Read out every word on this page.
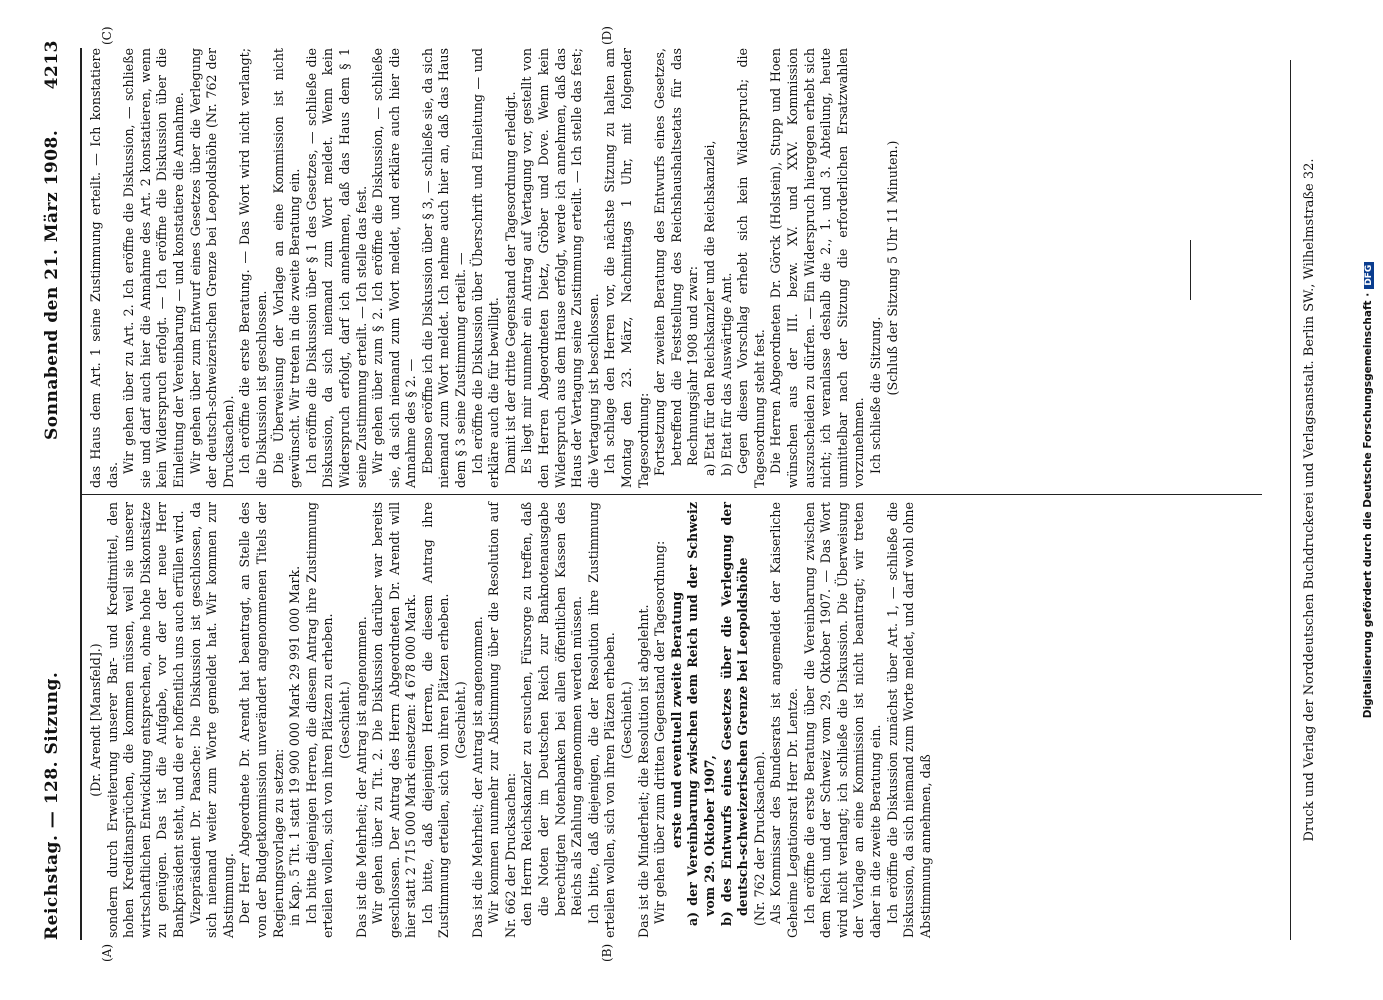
Reichstag. — 128. Sitzung.
Sonnabend den 21. März 1908.
4213
(A)	(B)
(C)	(D)

(Dr. Arendt [Mansfeld].) sondern durch Erweiterung unserer Bar- und Kreditmittel, den hohen Kreditansprüchen, die kommen müssen, weil sie unserer wirtschaftlichen Entwicklung entsprechen, ohne hohe Diskontsätze zu genügen. Das ist die Aufgabe, vor der der neue Herr Bankpräsident steht, und die er hoffentlich uns auch erfüllen wird. Vizepräsident Dr. Paasche: Die Diskussion ist geschlossen, da sich niemand weiter zum Worte gemeldet hat. Wir kommen zur Abstimmung. Der Herr Abgeordnete Dr. Arendt hat beantragt, an Stelle des von der Budgetkommission unverändert angenommenen Titels der Regierungsvorlage zu setzen: in Kap. 5 Tit. 1 statt 19 900 000 Mark 29 991 000 Mark. Ich bitte diejenigen Herren, die diesem Antrag ihre Zustimmung erteilen wollen, sich von ihren Plätzen zu erheben. (Geschieht.) Das ist die Mehrheit; der Antrag ist angenommen. Wir gehen über zu Tit. 2. Die Diskussion darüber war bereits geschlossen. Der Antrag des Herrn Abgeordneten Dr. Arendt will hier statt 2 715 000 Mark einsetzen: 4 678 000 Mark. Ich bitte, daß diejenigen Herren, die diesem Antrag ihre Zustimmung erteilen, sich von ihren Plätzen erheben. (Geschieht.) Das ist die Mehrheit; der Antrag ist angenommen. Wir kommen nunmehr zur Abstimmung über die Resolution auf Nr. 662 der Drucksachen: den Herrn Reichskanzler zu ersuchen, Fürsorge zu treffen, daß die Noten der im Deutschen Reich zur Banknotenausgabe berechtigten Notenbanken bei allen öffentlichen Kassen des Reichs als Zahlung angenommen werden müssen. Ich bitte, daß diejenigen, die der Resolution ihre Zustimmung erteilen wollen, sich von ihren Plätzen erheben. (Geschieht.) Das ist die Minderheit; die Resolution ist abgelehnt. Wir gehen über zum dritten Gegenstand der Tagesordnung: erste und eventuell zweite Beratung a) der Vereinbarung zwischen dem Reich und der Schweiz vom 29. Oktober 1907, b) des Entwurfs eines Gesetzes über die Verlegung der deutsch-schweizerischen Grenze bei Leopoldshöhe (Nr. 762 der Drucksachen). Als Kommissar des Bundesrats ist angemeldet der Kaiserliche Geheime Legationsrat Herr Dr. Lentze. Ich eröffne die erste Beratung über die Vereinbarung zwischen dem Reich und der Schweiz vom 29. Oktober 1907. — Das Wort wird nicht verlangt; ich schließe die Diskussion. Die Überweisung der Vorlage an eine Kommission ist nicht beantragt; wir treten daher in die zweite Beratung ein. Ich eröffne die Diskussion zunächst über Art. 1, — schließe die Diskussion, da sich niemand zum Worte meldet, und darf wohl ohne Abstimmung annehmen, daß

das Haus dem Art. 1 seine Zustimmung erteilt. — Ich konstatiere das.

Wir gehen über zu Art. 2. Ich eröffne die Diskussion, — schließe sie und darf auch hier die Annahme des Art. 2 konstatieren, wenn kein Widerspruch erfolgt. — Ich eröffne die Diskussion über die Einleitung der Vereinbarung — und konstatiere die Annahme. Wir gehen über zum Entwurf eines Gesetzes über die Verlegung der deutsch-schweizerischen Grenze bei Leopoldshöhe (Nr. 762 der Drucksachen). Ich eröffne die erste Beratung. — Das Wort wird nicht verlangt; die Diskussion ist geschlossen. Die Überweisung der Vorlage an eine Kommission ist nicht gewünscht. Wir treten in die zweite Beratung ein. Ich eröffne die Diskussion über § 1 des Gesetzes, — schließe die Diskussion, da sich niemand zum Wort meldet. Wenn kein Widerspruch erfolgt, darf ich annehmen, daß das Haus dem § 1 seine Zustimmung erteilt. — Ich stelle das fest. Wir gehen über zum § 2. Ich eröffne die Diskussion, — schließe sie, da sich niemand zum Wort meldet, und erkläre auch hier die Annahme des § 2. — Ebenso eröffne ich die Diskussion über § 3, — schließe sie, da sich niemand zum Wort meldet. Ich nehme auch hier an, daß das Haus dem § 3 seine Zustimmung erteilt. — Ich eröffne die Diskussion über Überschrift und Einleitung — und erkläre auch die für bewilligt. Damit ist der dritte Gegenstand der Tagesordnung erledigt. Es liegt mir nunmehr ein Antrag auf Vertagung vor, gestellt von den Herren Abgeordneten Dietz, Gröber und Dove. Wenn kein Widerspruch aus dem Hause erfolgt, werde ich annehmen, daß das Haus der Vertagung seine Zustimmung erteilt. — Ich stelle das fest; die Vertagung ist beschlossen. Ich schlage den Herren vor, die nächste Sitzung zu halten am Montag den 23. März, Nachmittags 1 Uhr, mit folgender Tagesordnung: Fortsetzung der zweiten Beratung des Entwurfs eines Gesetzes, betreffend die Feststellung des Reichshaushaltsetats für das Rechnungsjahr 1908 und zwar: a) Etat für den Reichskanzler und die Reichskanzlei, b) Etat für das Auswärtige Amt. Gegen diesen Vorschlag erhebt sich kein Widerspruch; die Tagesordnung steht fest. Die Herren Abgeordneten Dr. Görck (Holstein), Stupp und Hoen wünschen aus der III. bezw. XV. und XXV. Kommission auszuscheiden zu dürfen. — Ein Widerspruch hiergegen erhebt sich nicht; ich veranlasse deshalb die 2., 1. und 3. Abteilung, heute unmittelbar nach der Sitzung die erforderlichen Ersatzwahlen vorzunehmen. Ich schließe die Sitzung. (Schluß der Sitzung 5 Uhr 11 Minuten.)	Druck und Verlag der Norddeutschen Buchdruckerei und Verlagsanstalt. Berlin SW., Wilhelmstraße 32.	Digitalisierung gefördert durch die Deutsche Forschungsgemeinschaft ·DFG
